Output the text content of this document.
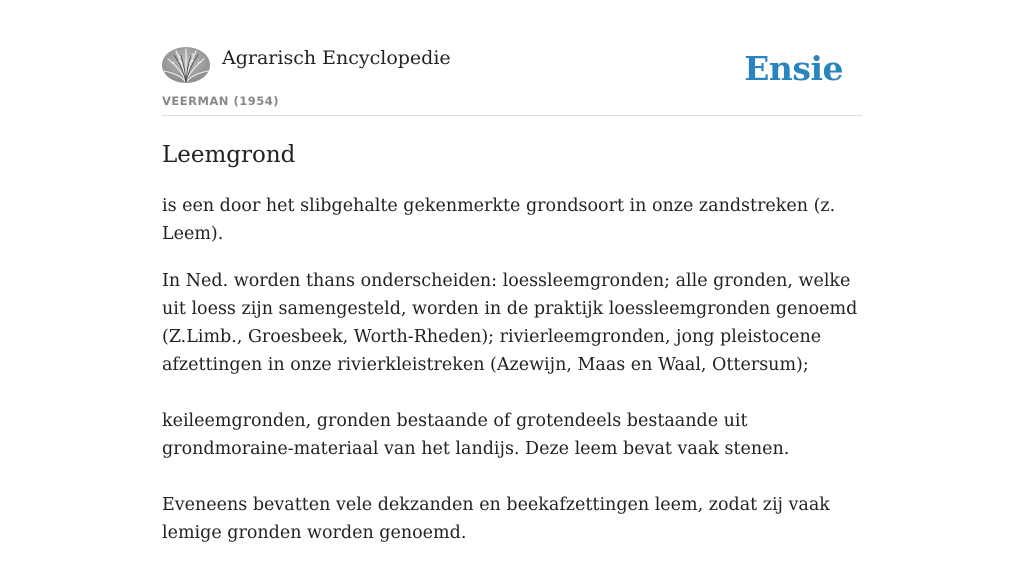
Agrarisch Encyclopedie
VEERMAN (1954)
Ensie
Leemgrond

is een door het slibgehalte gekenmerkte grondsoort in onze zandstreken (z. Leem).

In Ned. worden thans onderscheiden: loessleemgronden; alle gronden, welke uit loess zijn samengesteld, worden in de praktijk loessleemgronden genoemd (Z.Limb., Groesbeek, Worth-Rheden); rivierleemgronden, jong pleistocene afzettingen in onze rivierkleistreken (Azewijn, Maas en Waal, Ottersum);

keileemgronden, gronden bestaande of grotendeels bestaande uit grondmoraine-materiaal van het landijs. Deze leem bevat vaak stenen.

Eveneens bevatten vele dekzanden en beekafzettingen leem, zodat zij vaak lemige gronden worden genoemd.
